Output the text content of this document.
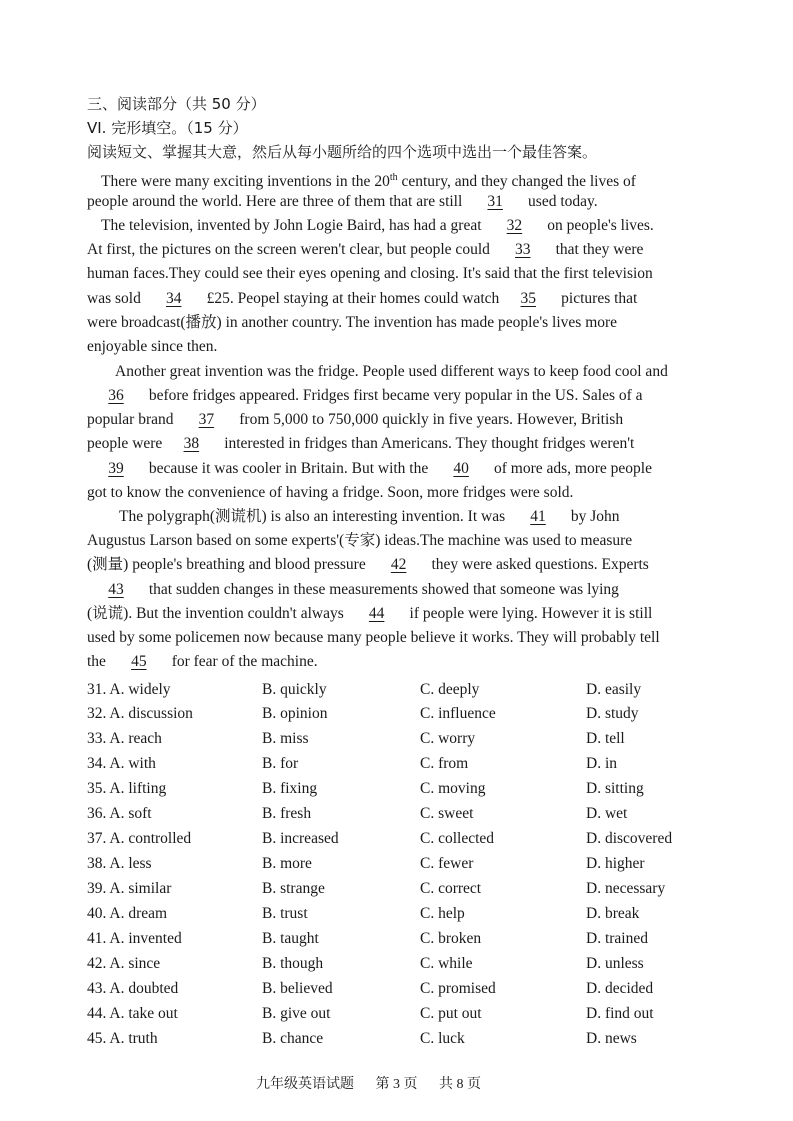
三、阅读部分（共 50 分）
VI. 完形填空。（15 分）
阅读短文、掌握其大意，然后从每小题所给的四个选项中选出一个最佳答案。
There were many exciting inventions in the 20th century, and they changed the lives of
people around the world. Here are three of them that are still 31 used today.
The television, invented by John Logie Baird, has had a great 32 on people's lives.
At first, the pictures on the screen weren't clear, but people could 33 that they were
human faces.They could see their eyes opening and closing. It's said that the first television
was sold 34 £25. Peopel staying at their homes could watch 35 pictures that
were broadcast(播放) in another country. The invention has made people's lives more
enjoyable since then.
Another great invention was the fridge. People used different ways to keep food cool and
36 before fridges appeared. Fridges first became very popular in the US. Sales of a
popular brand 37 from 5,000 to 750,000 quickly in five years. However, British
people were 38 interested in fridges than Americans. They thought fridges weren't
39 because it was cooler in Britain. But with the 40 of more ads, more people
got to know the convenience of having a fridge. Soon, more fridges were sold.
The polygraph(测谎机) is also an interesting invention. It was 41 by John
Augustus Larson based on some experts'(专家) ideas.The machine was used to measure
(测量) people's breathing and blood pressure 42 they were asked questions. Experts
43 that sudden changes in these measurements showed that someone was lying
(说谎). But the invention couldn't always 44 if people were lying. However it is still
used by some policemen now because many people believe it works. They will probably tell
the 45 for fear of the machine.
31. A. widely	B. quickly	C. deeply	D. easily
32. A. discussion	B. opinion	C. influence	D. study
33. A. reach	B. miss	C. worry	D. tell
34. A. with	B. for	C. from	D. in
35. A. lifting	B. fixing	C. moving	D. sitting
36. A. soft	B. fresh	C. sweet	D. wet
37. A. controlled	B. increased	C. collected	D. discovered
38. A. less	B. more	C. fewer	D. higher
39. A. similar	B. strange	C. correct	D. necessary
40. A. dream	B. trust	C. help	D. break
41. A. invented	B. taught	C. broken	D. trained
42. A. since	B. though	C. while	D. unless
43. A. doubted	B. believed	C. promised	D. decided
44. A. take out	B. give out	C. put out	D. find out
45. A. truth	B. chance	C. luck	D. news
九年级英语试题 第 3 页 共 8 页
